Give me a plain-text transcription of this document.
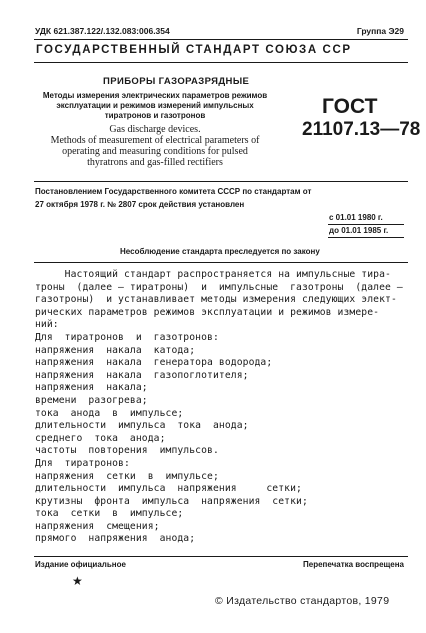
УДК 621.387.122/.132.083:006.354	Группа Э29
ГОСУДАРСТВЕННЫЙ СТАНДАРТ СОЮЗА ССР
ПРИБОРЫ ГАЗОРАЗРЯДНЫЕ
Методы измерения электрических параметров режимов
эксплуатации и режимов измерений импульсных
тиратронов и газотронов
Gas discharge devices.
Methods of measurement of electrical parameters of
operating and measuring conditions for pulsed
thyratrons and gas-filled rectifiers
ГОСТ
21107.13—78
Постановлением Государственного комитета СССР по стандартам от
27 октября 1978 г. № 2807 срок действия установлен
с 01.01 1980 г.
до 01.01 1985 г.
Несоблюдение стандарта преследуется по закону
Настоящий стандарт распространяется на импульсные тира-
троны  (далее — тиратроны)  и  импульсные  газотроны  (далее —
газотроны)  и устанавливает методы измерения следующих элект-
рических параметров режимов эксплуатации и режимов измере-
ний:
Для  тиратронов  и  газотронов:
напряжения  накала  катода;
напряжения  накала  генератора водорода;
напряжения  накала  газопоглотителя;
напряжения  накала;
времени  разогрева;
тока  анода  в  импульсе;
длительности  импульса  тока  анода;
среднего  тока  анода;
частоты  повторения  импульсов.
Для  тиратронов:
напряжения  сетки  в  импульсе;
длительности  импульса  напряжения     сетки;
крутизны  фронта  импульса  напряжения  сетки;
тока  сетки  в  импульсе;
напряжения  смещения;
прямого  напряжения  анода;
Издание официальное	Перепечатка воспрещена
★
© Издательство стандартов, 1979
